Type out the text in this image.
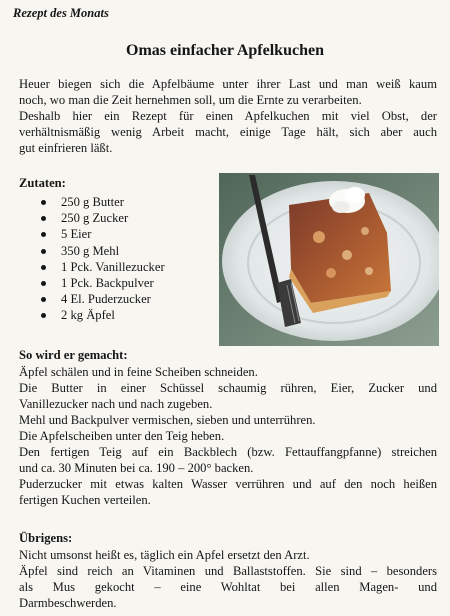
Rezept des Monats
Omas einfacher Apfelkuchen
Heuer biegen sich die Apfelbäume unter ihrer Last und man weiß kaum
noch, wo man die Zeit hernehmen soll, um die Ernte zu verarbeiten.
Deshalb hier ein Rezept für einen Apfelkuchen mit viel Obst, der
verhältnismäßig wenig Arbeit macht, einige Tage hält, sich aber auch
gut einfrieren läßt.
Zutaten:
250 g Butter
250 g Zucker
5 Eier
350 g Mehl
1 Pck. Vanillezucker
1 Pck. Backpulver
4 El. Puderzucker
2 kg Äpfel
So wird er gemacht:
Äpfel schälen und in feine Scheiben schneiden.
Die Butter in einer Schüssel schaumig rühren, Eier, Zucker und
Vanillezucker nach und nach zugeben.
Mehl und Backpulver vermischen, sieben und unterrühren.
Die Apfelscheiben unter den Teig heben.
Den fertigen Teig auf ein Backblech (bzw. Fettauffangpfanne) streichen
und ca. 30 Minuten bei ca. 190 – 200° backen.
Puderzucker mit etwas kalten Wasser verrühren und auf den noch heißen
fertigen Kuchen verteilen.
Übrigens:
Nicht umsonst heißt es, täglich ein Apfel ersetzt den Arzt.
Äpfel sind reich an Vitaminen und Ballaststoffen. Sie sind – besonders
als Mus gekocht – eine Wohltat bei allen Magen- und
Darmbeschwerden.
